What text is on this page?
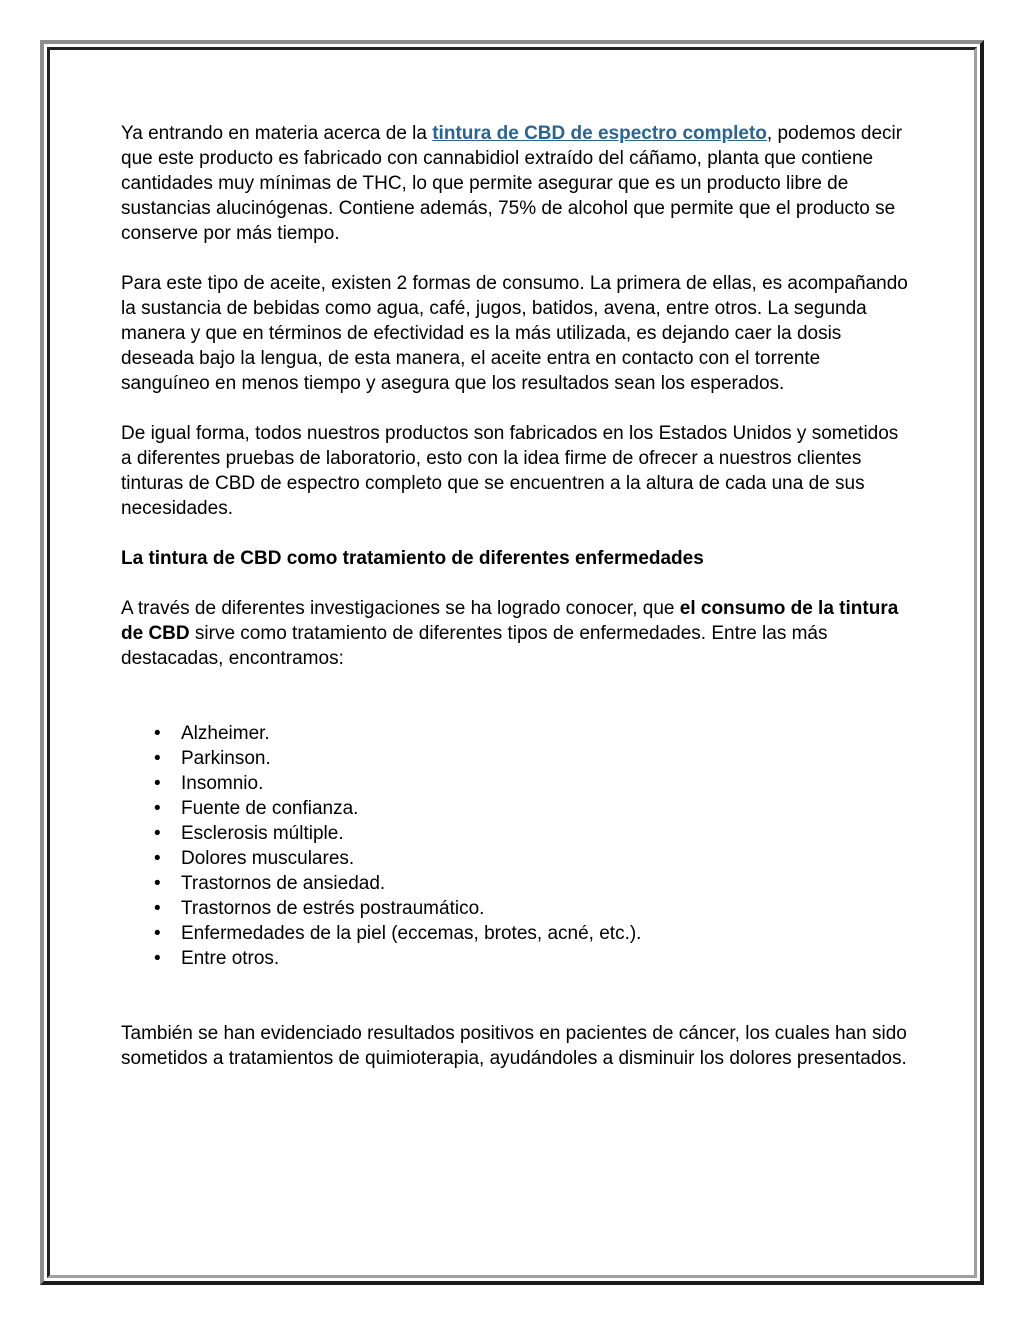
Ya entrando en materia acerca de la tintura de CBD de espectro completo, podemos decir que este producto es fabricado con cannabidiol extraído del cáñamo, planta que contiene cantidades muy mínimas de THC, lo que permite asegurar que es un producto libre de sustancias alucinógenas. Contiene además, 75% de alcohol que permite que el producto se conserve por más tiempo.

Para este tipo de aceite, existen 2 formas de consumo. La primera de ellas, es acompañando la sustancia de bebidas como agua, café, jugos, batidos, avena, entre otros. La segunda manera y que en términos de efectividad es la más utilizada, es dejando caer la dosis deseada bajo la lengua, de esta manera, el aceite entra en contacto con el torrente sanguíneo en menos tiempo y asegura que los resultados sean los esperados.

De igual forma, todos nuestros productos son fabricados en los Estados Unidos y sometidos a diferentes pruebas de laboratorio, esto con la idea firme de ofrecer a nuestros clientes tinturas de CBD de espectro completo que se encuentren a la altura de cada una de sus necesidades.

La tintura de CBD como tratamiento de diferentes enfermedades

A través de diferentes investigaciones se ha logrado conocer, que el consumo de la tintura de CBD sirve como tratamiento de diferentes tipos de enfermedades. Entre las más destacadas, encontramos:

• Alzheimer.
• Parkinson.
• Insomnio.
• Fuente de confianza.
• Esclerosis múltiple.
• Dolores musculares.
• Trastornos de ansiedad.
• Trastornos de estrés postraumático.
• Enfermedades de la piel (eccemas, brotes, acné, etc.).
• Entre otros.

También se han evidenciado resultados positivos en pacientes de cáncer, los cuales han sido sometidos a tratamientos de quimioterapia, ayudándoles a disminuir los dolores presentados.
